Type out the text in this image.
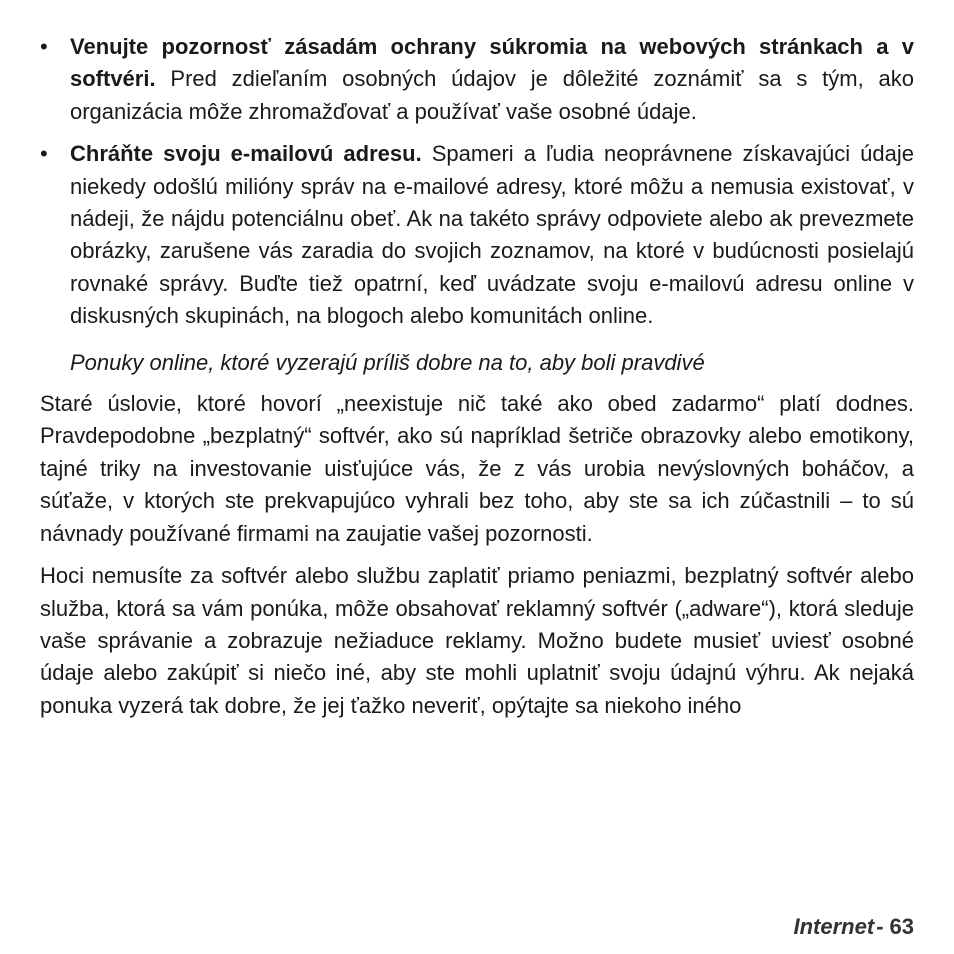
• Venujte pozornosť zásadám ochrany súkromia na webových stránkach a v softvéri. Pred zdieľaním osobných údajov je dôležité zoznámiť sa s tým, ako organizácia môže zhromažďovať a používať vaše osobné údaje.
• Chráňte svoju e-mailovú adresu. Spameri a ľudia neoprávnene získavajúci údaje niekedy odošlú milióny správ na e-mailové adresy, ktoré môžu a nemusia existovať, v nádeji, že nájdu potenciálnu obeť. Ak na takéto správy odpoviete alebo ak prevezmete obrázky, zarušene vás zaradia do svojich zoznamov, na ktoré v budúcnosti posielajú rovnaké správy. Buďte tiež opatrní, keď uvádzate svoju e-mailovú adresu online v diskusných skupinách, na blogoch alebo komunitách online.
Ponuky online, ktoré vyzerajú príliš dobre na to, aby boli pravdivé

Staré úslovie, ktoré hovorí „neexistuje nič také ako obed zadarmo“ platí dodnes. Pravdepodobne „bezplatný“ softvér, ako sú napríklad šetriče obrazovky alebo emotikony, tajné triky na investovanie uisťujúce vás, že z vás urobia nevýslovných boháčov, a súťaže, v ktorých ste prekvapujúco vyhrali bez toho, aby ste sa ich zúčastnili – to sú návnady používané firmami na zaujatie vašej pozornosti.

Hoci nemusíte za softvér alebo službu zaplatiť priamo peniazmi, bezplatný softvér alebo služba, ktorá sa vám ponúka, môže obsahovať reklamný softvér („adware“), ktorá sleduje vaše správanie a zobrazuje nežiaduce reklamy. Možno budete musieť uviesť osobné údaje alebo zakúpiť si niečo iné, aby ste mohli uplatniť svoju údajnú výhru. Ak nejaká ponuka vyzerá tak dobre, že jej ťažko neveriť, opýtajte sa niekoho iného

Internet- 63
